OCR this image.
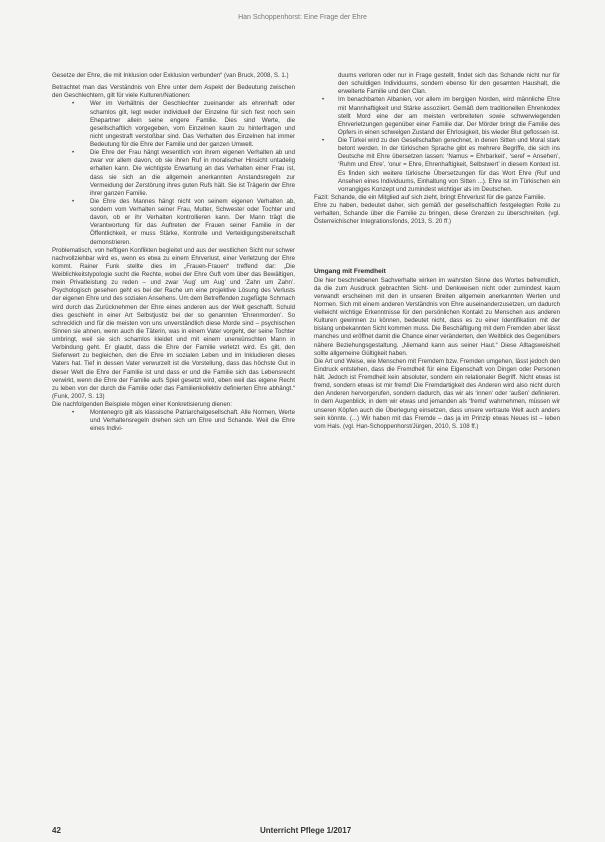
Han Schoppenhorst: Eine Frage der Ehre

Gesetze der Ehre, die mit Inklusion oder Exklusion verbunden“ (van Bruck, 2008, S. 1.)

Betrachtet man das Verständnis von Ehre unter dem Aspekt der Bedeutung zwischen den Geschlechtern, gilt für viele Kulturen/Nationen:

•	Wer im Verhältnis der Geschlechter zueinander als ehrenhaft oder schamlos gilt, legt weder individuell der Einzelne für sich fest noch sein Ehepartner allein seine engere Familie. Dies sind Werte, die gesellschaftlich vorgegeben, vom Einzelnen kaum zu hinterfragen und nicht ungestraft verstoßbar sind. Das Verhalten des Einzelnen hat immer Bedeutung für die Ehre der Familie und der ganzen Umwelt.
•	Die Ehre der Frau hängt wesentlich von ihrem eigenen Verhalten ab und zwar vor allem davon, ob sie ihren Ruf in moralischer Hinsicht untadelig erhalten kann. Die wichtigste Erwartung an das Verhalten einer Frau ist, dass sie sich an die allgemein anerkannten Anstandsregeln zur Vermeidung der Zerstörung ihres guten Rufs hält. Sie ist Trägerin der Ehre ihrer ganzen Familie.
•	Die Ehre des Mannes hängt nicht von seinem eigenen Verhalten ab, sondern vom Verhalten seiner Frau, Mutter, Schwester oder Tochter und davon, ob er ihr Verhalten kontrollieren kann. Der Mann trägt die Verantwortung für das Auftreten der Frauen seiner Familie in der Öffentlichkeit, er muss Stärke, Kontrolle und Verteidigungsbereitschaft demonstrieren.

Problematisch, von heftigen Konflikten begleitet und aus der westlichen Sicht nur schwer nachvollziehbar wird es, wenn es etwa zu einem Ehrverlust, einer Verletzung der Ehre kommt. Rainer Funk stellte dies im „Frauen-Frauen“ treffend dar: „Die Weiblichkeitstypologie sucht die Rechte, wobei der Ehre Guft vom über das Bewältigen, mein Privatleistung zu reden – und zwar ‘Aug’ um Aug’ und ‘Zahn um Zahn’. Psychologisch gesehen geht es bei der Rache um eine projektive Lösung des Verlusts der eigenen Ehre und des sozialen Ansehens. Um dem Betreffenden zugefügte Schmach wird durch das Zurücknehmen der Ehre eines anderen aus der Welt geschafft. Schuld dies geschieht in einer Art Selbstjustiz bei der so genannten ‘Ehrenmorden’. So schrecklich und für die meisten von uns unverständlich diese Morde sind – psychischen Sinnen sie ahnen, wenn auch die Täterin, was in einem Vater vorgeht, der seine Tochter umbringt, weil sie sich schamlos kleidet und mit einem unerwünschten Mann in Verbindung geht. Er glaubt, dass die Ehre der Familie verletzt wird. Es gilt, den Sieferwert zu begleichen, den die Ehre im sozialen Leben und im Inkludieren dieses Vaters hat. Tief in dessen Vater verwurzelt ist die Vorstellung, dass das höchste Gut in dieser Welt die Ehre der Familie ist und dass er und die Familie sich das Lebensrecht verwirkt, wenn die Ehre der Familie aufs Spiel gesetzt wird, eben weil das eigene Recht zu leben von der durch die Familie oder das Familienkollektiv definierten Ehre abhängt.“ (Funk, 2007, S. 13)

Die nachfolgenden Beispiele mögen einer Konkretisierung dienen:

•	Montenegro gilt als klassische Patriarchalgesellschaft. Alle Normen, Werte und Verhaltensregeln drehen sich um Ehre und Schande. Weil die Ehre eines Indivi-

duums verloren oder nur in Frage gestellt, findet sich das Schande nicht nur für den schuldigen Individuums, sondern ebenso für den gesamten Haushalt, die erweiterte Familie und den Clan.

• Im benachbarten Albanien, vor allem im bergigen Norden, wird männliche Ehre mit Mannhaftigkeit und Stärke assoziiert. Gemäß dem traditionellen Ehrenkodex stellt Mord eine der am meisten verbreiteten sowie schwerwiegenden Ehrverletzungen gegenüber einer Familie dar. Der Mörder bringt die Familie des Opfers in einen schwelgen Zustand der Ehrlosigkeit, bis wieder Blut geflossen ist.
• Die Türkei wird zu den Gesellschaften gerechnet, in denen Sitten und Moral stark betont werden. In der türkischen Sprache gibt es mehrere Begriffe, die sich ins Deutsche mit Ehre übersetzen lassen: ‘Namus = Ehrbarkeit’, ‘seref = Ansehen’, ‘Ruhm und Ehre’, ‘onur = Ehre, Ehrenhaftigkeit, Selbstwert’ in diesem Kontext ist. Es finden sich weitere türkische Übersetzungen für das Wort Ehre (Ruf und Ansehen eines Individuums, Einhaltung von Sitten ...). Ehre ist im Türkischen ein vorrangiges Konzept und zumindest wichtiger als im Deutschen.

Fazit: Schande, die ein Mitglied auf sich zieht, bringt Ehrverlust für die ganze Familie.

Ehre zu haben, bedeutet daher, sich gemäß der gesellschaftlich festgelegten Rolle zu verhalten, Schande über die Familie zu bringen, diese Grenzen zu überschreiten. (vgl. Österreichischer Integrationsfonds, 2013, S. 20 ff.)

Umgang mit Fremdheit

Die hier beschriebenen Sachverhalte wirken im wahrsten Sinne des Wortes befremdlich, da die zum Ausdruck gebrachten Sicht- und Denkweisen nicht oder zumindest kaum verwandt erscheinen mit den in unseren Breiten allgemein anerkannten Werten und Normen. Sich mit einem anderen Verständnis von Ehre auseinanderzusetzen, um dadurch vielleicht wichtige Erkenntnisse für den persönlichen Kontakt zu Menschen aus anderen Kulturen gewinnen zu können, bedeutet nicht, dass es zu einer Identifikation mit der bislang unbekannten Sicht kommen muss. Die Beschäftigung mit dem Fremden aber lässt manches und eröffnet damit die Chance einer veränderten, den Weitblick des Gegenübers nähere Beziehungsgestaltung. „Niemand kann aus seiner Haut.“ Diese Alltagsweisheit sollte allgemeine Gültigkeit haben.

Die Art und Weise, wie Menschen mit Fremdem bzw. Fremden umgehen, lässt jedoch den Eindruck entstehen, dass die Fremdheit für eine Eigenschaft von Dingen oder Personen hält. Jedoch ist Fremdheit kein absoluter, sondern ein relationaler Begriff. Nicht etwas ist fremd, sondern etwas ist mir fremd! Die Fremdartigkeit des Anderen wird also nicht durch den Anderen hervorgerufen, sondern dadurch, das wir als ‘innen’ oder ‘außen’ definieren. In dem Augenblick, in dem wir etwas und jemanden als ‘fremd’ wahrnehmen, müssen wir unseren Köpfen auch die Überlegung einsetzen, dass unsere vertraute Welt auch anders sein könnte. (...) Wir haben mit das Fremde – das ja im Prinzip etwas Neues ist – leben vom Hals. (vgl. Han-Schoppenhorst/Jürgen, 2010, S. 108 ff.)

42	Unterricht Pflege 1/2017
